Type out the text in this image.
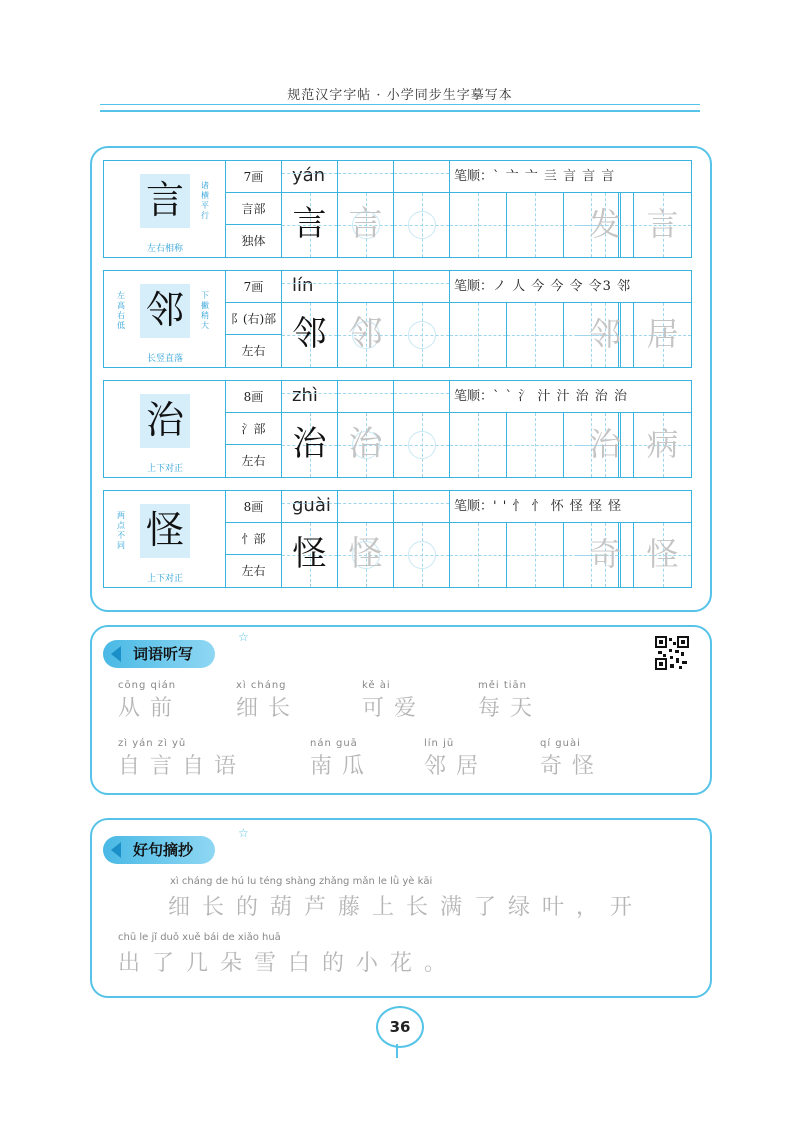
规范汉字字帖 · 小学同步生字摹写本
言	诸横平行
左右相称
7画
言部
独体
yán
言 言
笔顺：` 亠 亠 亖 言 言 言
发 言
邻
左高右低
下撇稍大
长竖直落
7画
阝(右)部
左右
lín
邻 邻
笔顺：ノ 人 今 今 令 令3 邻
邻 居
治
上下对正
8画
氵部
左右
zhì
治 治
笔顺：` ` 氵 汁 汁 治 治 治
治 病
怪
两点不同
上下对正
8画
忄部
左右
guài
怪 怪
笔顺：' ' 忄 忄 怀 怪 怪 怪
奇 怪
词语听写
☆
cōng qián
从前
xì cháng
细长
kě ài
可爱
měi tiān
每天
zì yán zì yǔ
自言自语
nán guā
南瓜
lín jū
邻居
qí guài
奇怪
好句摘抄
☆
xì cháng de hú lu téng shàng zhǎng mǎn le lǜ yè kāi
细长的葫芦藤上长满了绿叶，开
chū le jǐ duǒ xuě bái de xiǎo huā
出了几朵雪白的小花。
36
